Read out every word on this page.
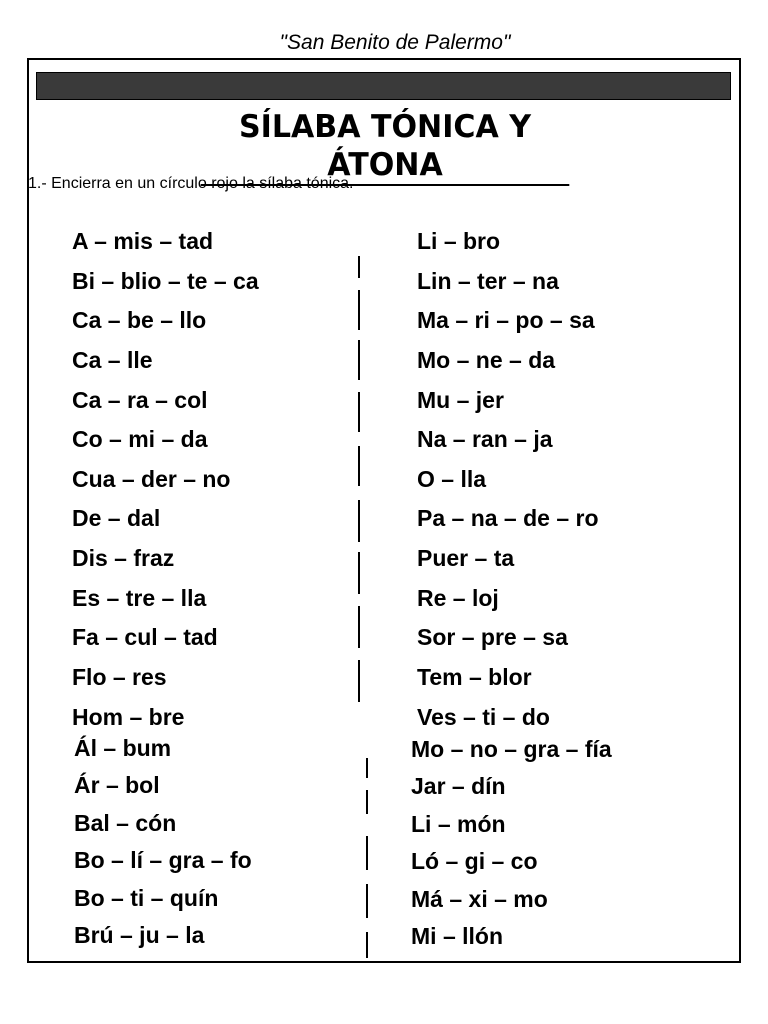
"San Benito de Palermo"
SÍLABA TÓNICA Y ÁTONA
1.- Encierra en un círculo rojo la sílaba tónica.
A – mis – tad
Bi – blio – te – ca
Ca – be – llo
Ca – lle
Ca – ra – col
Co – mi – da
Cua – der – no
De – dal
Dis – fraz
Es – tre – lla
Fa – cul – tad
Flo – res
Hom – bre
Li – bro
Lin – ter – na
Ma – ri – po – sa
Mo – ne – da
Mu – jer
Na – ran – ja
O – lla
Pa – na – de – ro
Puer – ta
Re – loj
Sor – pre – sa
Tem – blor
Ves – ti – do
Ál – bum
Ár – bol
Bal – cón
Bo – lí – gra – fo
Bo – ti – quín
Brú – ju – la
Mo – no – gra – fía
Jar – dín
Li – món
Ló – gi – co
Má – xi – mo
Mi – llón
